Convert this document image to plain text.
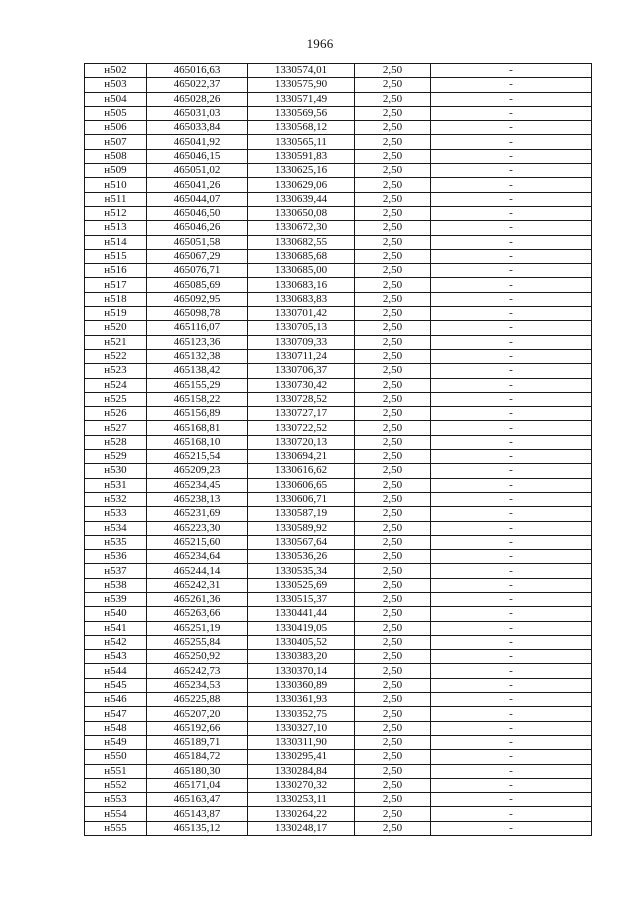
1966
н502	465016,63	1330574,01	2,50	-
н503	465022,37	1330575,90	2,50	-
н504	465028,26	1330571,49	2,50	-
н505	465031,03	1330569,56	2,50	-
н506	465033,84	1330568,12	2,50	-
н507	465041,92	1330565,11	2,50	-
н508	465046,15	1330591,83	2,50	-
н509	465051,02	1330625,16	2,50	-
н510	465041,26	1330629,06	2,50	-
н511	465044,07	1330639,44	2,50	-
н512	465046,50	1330650,08	2,50	-
н513	465046,26	1330672,30	2,50	-
н514	465051,58	1330682,55	2,50	-
н515	465067,29	1330685,68	2,50	-
н516	465076,71	1330685,00	2,50	-
н517	465085,69	1330683,16	2,50	-
н518	465092,95	1330683,83	2,50	-
н519	465098,78	1330701,42	2,50	-
н520	465116,07	1330705,13	2,50	-
н521	465123,36	1330709,33	2,50	-
н522	465132,38	1330711,24	2,50	-
н523	465138,42	1330706,37	2,50	-
н524	465155,29	1330730,42	2,50	-
н525	465158,22	1330728,52	2,50	-
н526	465156,89	1330727,17	2,50	-
н527	465168,81	1330722,52	2,50	-
н528	465168,10	1330720,13	2,50	-
н529	465215,54	1330694,21	2,50	-
н530	465209,23	1330616,62	2,50	-
н531	465234,45	1330606,65	2,50	-
н532	465238,13	1330606,71	2,50	-
н533	465231,69	1330587,19	2,50	-
н534	465223,30	1330589,92	2,50	-
н535	465215,60	1330567,64	2,50	-
н536	465234,64	1330536,26	2,50	-
н537	465244,14	1330535,34	2,50	-
н538	465242,31	1330525,69	2,50	-
н539	465261,36	1330515,37	2,50	-
н540	465263,66	1330441,44	2,50	-
н541	465251,19	1330419,05	2,50	-
н542	465255,84	1330405,52	2,50	-
н543	465250,92	1330383,20	2,50	-
н544	465242,73	1330370,14	2,50	-
н545	465234,53	1330360,89	2,50	-
н546	465225,88	1330361,93	2,50	-
н547	465207,20	1330352,75	2,50	-
н548	465192,66	1330327,10	2,50	-
н549	465189,71	1330311,90	2,50	-
н550	465184,72	1330295,41	2,50	-
н551	465180,30	1330284,84	2,50	-
н552	465171,04	1330270,32	2,50	-
н553	465163,47	1330253,11	2,50	-
н554	465143,87	1330264,22	2,50	-
н555	465135,12	1330248,17	2,50	-
